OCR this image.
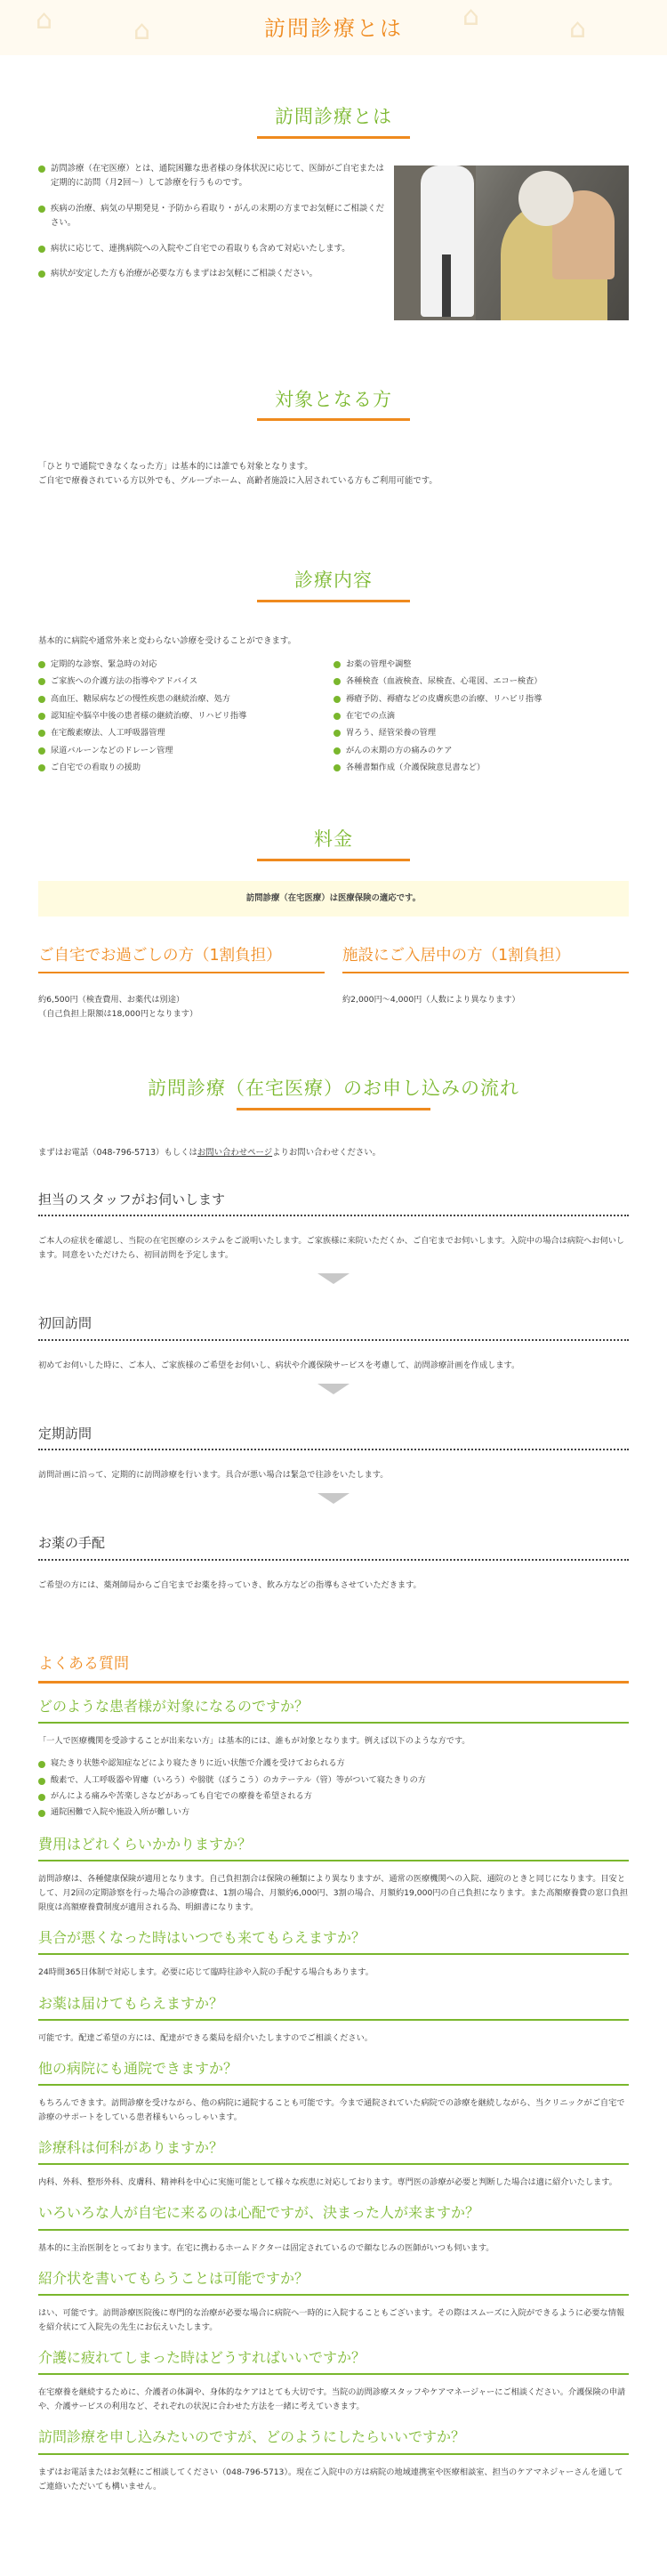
⌂	⌂	⌂	⌂
訪問診療とは
訪問診療とは
訪問診療（在宅医療）とは、通院困難な患者様の身体状況に応じて、医師がご自宅または定期的に訪問（月2回〜）して診療を行うものです。
疾病の治療、病気の早期発見・予防から看取り・がんの末期の方までお気軽にご相談ください。
病状に応じて、連携病院への入院やご自宅での看取りも含めて対応いたします。
病状が安定した方も治療が必要な方もまずはお気軽にご相談ください。
対象となる方

「ひとりで通院できなくなった方」は基本的には誰でも対象となります。
ご自宅で療養されている方以外でも、グループホーム、高齢者施設に入居されている方もご利用可能です。

診療内容

基本的に病院や通常外来と変わらない診療を受けることができます。

定期的な診察、緊急時の対応
ご家族への介護方法の指導やアドバイス
高血圧、糖尿病などの慢性疾患の継続治療、処方
認知症や脳卒中後の患者様の継続治療、リハビリ指導
在宅酸素療法、人工呼吸器管理
尿道バルーンなどのドレーン管理
ご自宅での看取りの援助
お薬の管理や調整
各種検査（血液検査、尿検査、心電図、エコー検査）
褥瘡予防、褥瘡などの皮膚疾患の治療、リハビリ指導
在宅での点滴
胃ろう、経管栄養の管理
がんの末期の方の痛みのケア
各種書類作成（介護保険意見書など）
料金
訪問診療（在宅医療）は医療保険の適応です。
ご自宅でお過ごしの方（1割負担）

約6,500円（検査費用、お薬代は別途）
（自己負担上限額は18,000円となります）

施設にご入居中の方（1割負担）

約2,000円〜4,000円（人数により異なります）

訪問診療（在宅医療）のお申し込みの流れ

まずはお電話（048-796-5713）もしくはお問い合わせページよりお問い合わせください。

担当のスタッフがお伺いします

ご本人の症状を確認し、当院の在宅医療のシステムをご説明いたします。ご家族様に来院いただくか、ご自宅までお伺いします。入院中の場合は病院へお伺いします。同意をいただけたら、初回訪問を予定します。

初回訪問

初めてお伺いした時に、ご本人、ご家族様のご希望をお伺いし、病状や介護保険サービスを考慮して、訪問診療計画を作成します。

定期訪問

訪問計画に沿って、定期的に訪問診療を行います。具合が悪い場合は緊急で往診をいたします。

お薬の手配

ご希望の方には、薬剤師局からご自宅までお薬を持っていき、飲み方などの指導もさせていただきます。

よくある質問
どのような患者様が対象になるのですか？

「一人で医療機関を受診することが出来ない方」は基本的には、誰もが対象となります。例えば以下のような方です。

寝たきり状態や認知症などにより寝たきりに近い状態で介護を受けておられる方
酸素で、人工呼吸器や胃瘻（いろう）や膀胱（ぼうこう）のカテーテル（管）等がついて寝たきりの方
がんによる痛みや苦楽しさなどがあっても自宅での療養を希望される方
通院困難で入院や施設入所が難しい方
費用はどれくらいかかりますか？

訪問診療は、各種健康保険が適用となります。自己負担割合は保険の種類により異なりますが、通常の医療機関への入院、通院のときと同じになります。目安として、月2回の定期診察を行った場合の診療費は、1割の場合、月額約6,000円、3割の場合、月額約19,000円の自己負担になります。また高額療養費の窓口負担限度は高額療養費制度が適用される為、明細書になります。

具合が悪くなった時はいつでも来てもらえますか？

24時間365日体制で対応します。必要に応じて臨時往診や入院の手配する場合もあります。

お薬は届けてもらえますか？

可能です。配達ご希望の方には、配達ができる薬局を紹介いたしますのでご相談ください。

他の病院にも通院できますか？

もちろんできます。訪問診療を受けながら、他の病院に通院することも可能です。今まで通院されていた病院での診療を継続しながら、当クリニックがご自宅で診療のサポートをしている患者様もいらっしゃいます。

診療科は何科がありますか？

内科、外科、整形外科、皮膚科、精神科を中心に実施可能として様々な疾患に対応しております。専門医の診療が必要と判断した場合は適に紹介いたします。

いろいろな人が自宅に来るのは心配ですが、決まった人が来ますか？

基本的に主治医制をとっております。在宅に携わるホームドクターは固定されているので顔なじみの医師がいつも伺います。

紹介状を書いてもらうことは可能ですか？

はい、可能です。訪問診療医院後に専門的な治療が必要な場合に病院へ一時的に入院することもございます。その際はスムーズに入院ができるように必要な情報を紹介状にて入院先の先生にお伝えいたします。

介護に疲れてしまった時はどうすればいいですか？

在宅療養を継続するために、介護者の体調や、身体的なケアはとても大切です。当院の訪問診療スタッフやケアマネージャーにご相談ください。介護保険の申請や、介護サービスの利用など、それぞれの状況に合わせた方法を一緒に考えていきます。

訪問診療を申し込みたいのですが、どのようにしたらいいですか？

まずはお電話またはお気軽にご相談してください（048-796-5713）。現在ご入院中の方は病院の地域連携室や医療相談室、担当のケアマネジャーさんを通してご連絡いただいても構いません。
